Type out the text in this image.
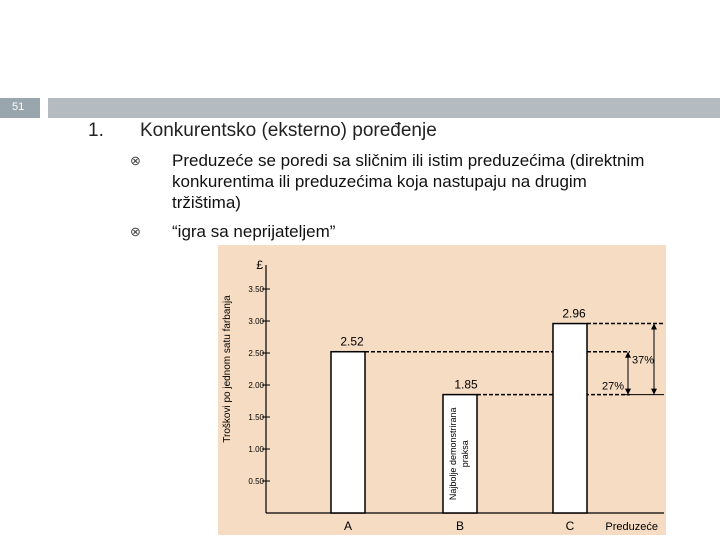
51
1. Konkurentsko (eksterno) poređenje
⊗ Preduzeće se poredi sa sličnim ili istim preduzećima (direktnim
konkurentima ili preduzećima koja nastupaju na drugim
tržištima)
⊗ “igra sa neprijateljem”
£
Troškovi po jednom satu farbanja
0.50
1.00
1.50
2.00
2.50
3.00
3.50
2.52
A
1.85
B
2.96
C
Najbolje demonstrirana praksa
27%
37%
Preduzeće
